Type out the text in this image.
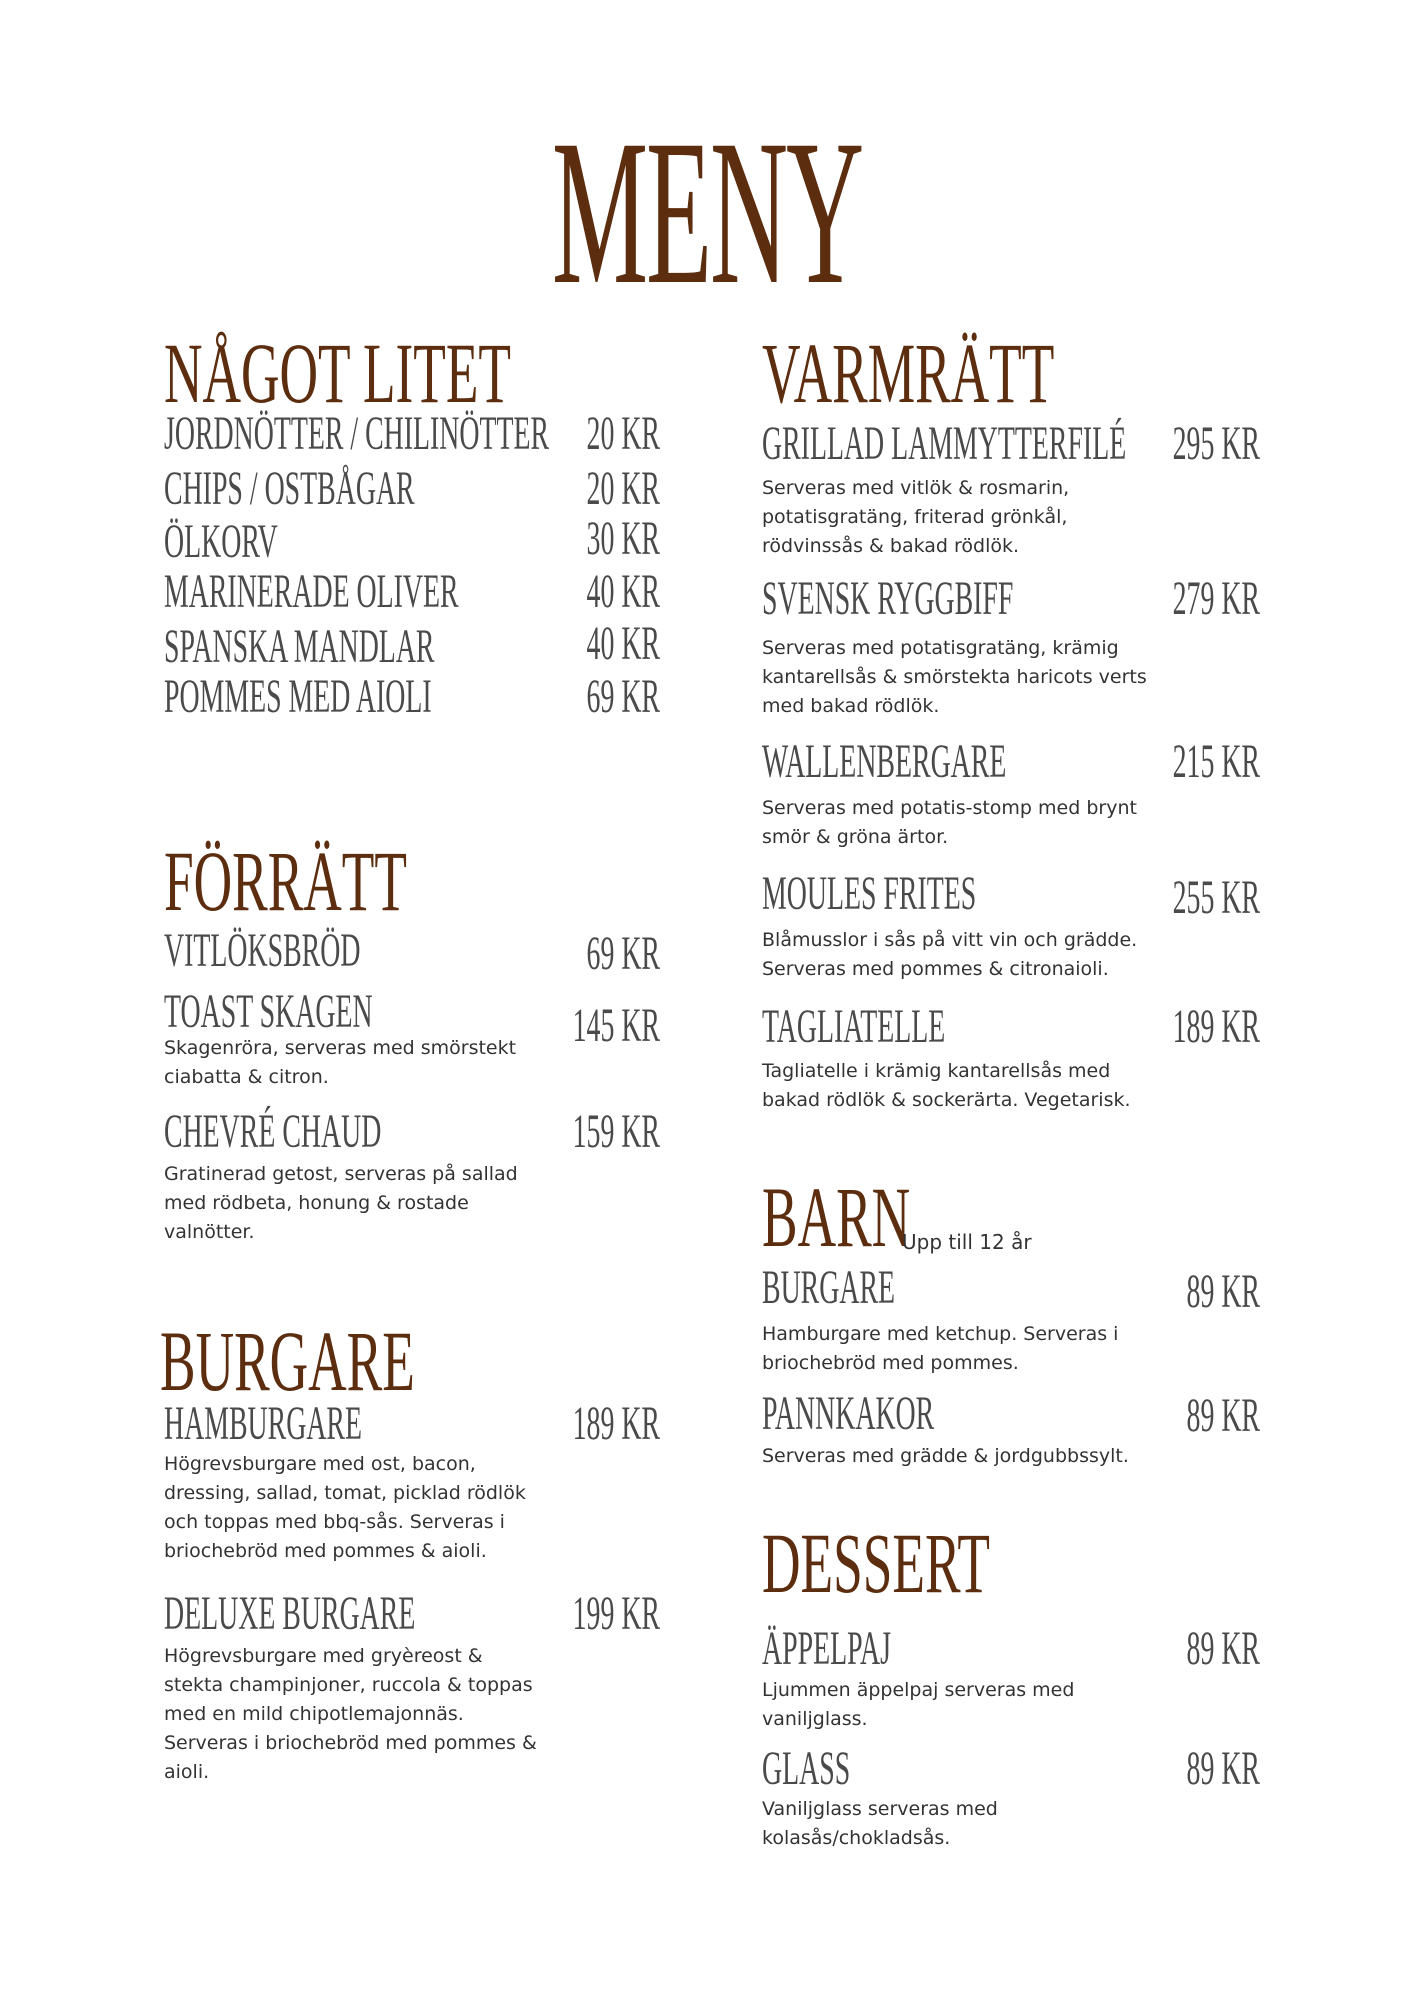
MENY
NÅGOT LITET
JORDNÖTTER / CHILINÖTTER 20 KR
CHIPS / OSTBÅGAR	20 KR
ÖLKORV	30 KR
MARINERADE OLIVER	40 KR
SPANSKA MANDLAR	40 KR
POMMES MED AIOLI	69 KR
FÖRRÄTT
VITLÖKSBRÖD	69 KR
TOAST SKAGEN	145 KR
Skagenröra, serveras med smörstekt ciabatta & citron.
CHEVRÉ CHAUD	159 KR
Gratinerad getost, serveras på sallad med rödbeta, honung & rostade valnötter.
BURGARE
HAMBURGARE	189 KR
Högrevsburgare med ost, bacon, dressing, sallad, tomat, picklad rödlök och toppas med bbq-sås. Serveras i briochebröd med pommes & aioli.
DELUXE BURGARE	199 KR
Högrevsburgare med gryèreost & stekta champinjoner, ruccola & toppas med en mild chipotlemajonnäs. Serveras i briochebröd med pommes & aioli.
VARMRÄTT
GRILLAD LAMMYTTERFILÉ 295 KR
Serveras med vitlök & rosmarin, potatisgratäng, friterad grönkål, rödvinssås & bakad rödlök.
SVENSK RYGGBIFF	279 KR
Serveras med potatisgratäng, krämig kantarellsås & smörstekta haricots verts med bakad rödlök.
WALLENBERGARE	215 KR
Serveras med potatis-stomp med brynt smör & gröna ärtor.
MOULES FRITES	255 KR
Blåmusslor i sås på vitt vin och grädde. Serveras med pommes & citronaioli.
TAGLIATELLE	189 KR
Tagliatelle i krämig kantarellsås med bakad rödlök & sockerärta. Vegetarisk.
BARN
Upp till 12 år
BURGARE	89 KR
Hamburgare med ketchup. Serveras i briochebröd med pommes.
PANNKAKOR	89 KR
Serveras med grädde & jordgubbssylt.
DESSERT
ÄPPELPAJ	89 KR
Ljummen äppelpaj serveras med vaniljglass.
GLASS	89 KR
Vaniljglass serveras med kolasås/chokladsås.
